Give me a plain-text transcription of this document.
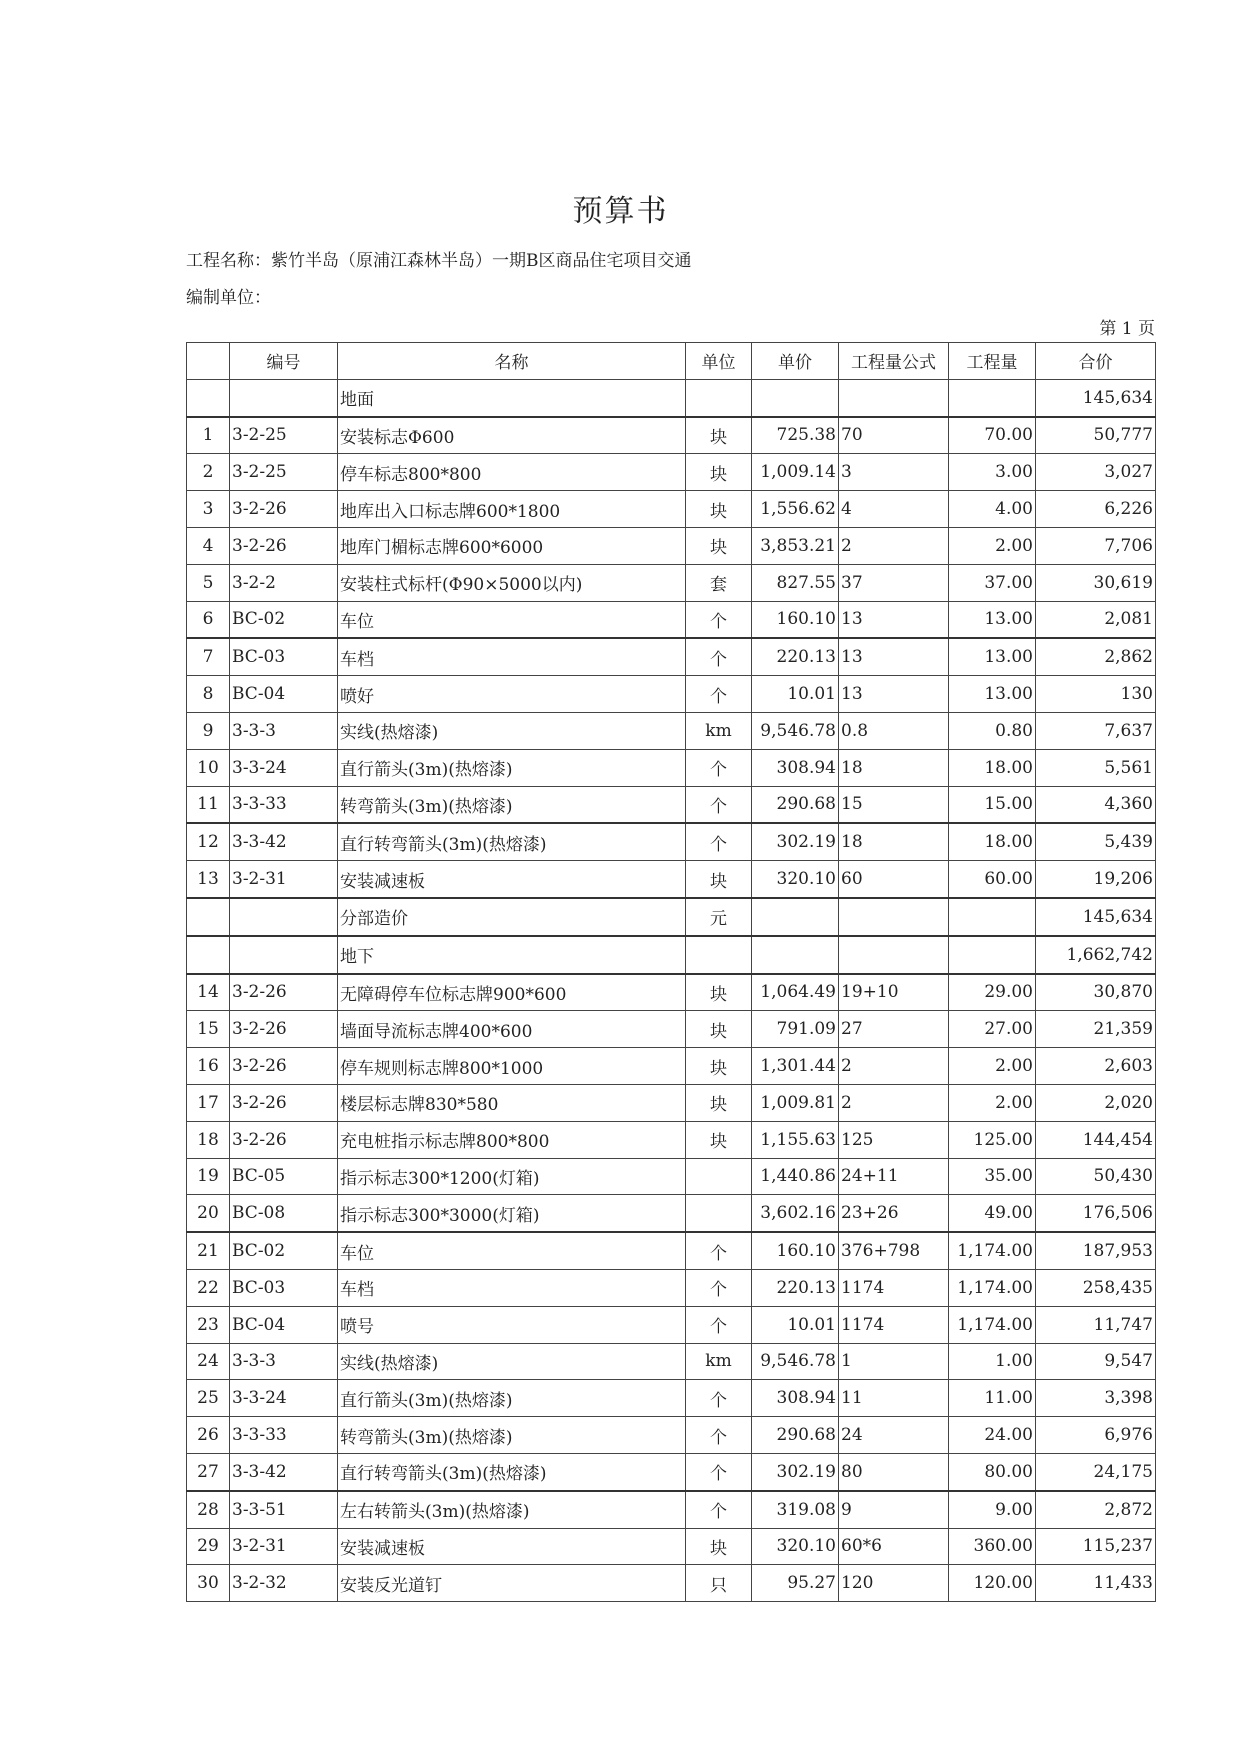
预算书
工程名称：紫竹半岛（原浦江森林半岛）一期B区商品住宅项目交通
编制单位：
第 1 页
	编号	名称	单位	单价	工程量公式	工程量	合价
		地面					145,634
1	3-2-25	安装标志Φ600	块	725.38	70	70.00	50,777
2	3-2-25	停车标志800*800	块	1,009.14	3	3.00	3,027
3	3-2-26	地库出入口标志牌600*1800	块	1,556.62	4	4.00	6,226
4	3-2-26	地库门楣标志牌600*6000	块	3,853.21	2	2.00	7,706
5	3-2-2	安装柱式标杆(Φ90×5000以内)	套	827.55	37	37.00	30,619
6	BC-02	车位	个	160.10	13	13.00	2,081
7	BC-03	车档	个	220.13	13	13.00	2,862
8	BC-04	喷好	个	10.01	13	13.00	130
9	3-3-3	实线(热熔漆)	km	9,546.78	0.8	0.80	7,637
10	3-3-24	直行箭头(3m)(热熔漆)	个	308.94	18	18.00	5,561
11	3-3-33	转弯箭头(3m)(热熔漆)	个	290.68	15	15.00	4,360
12	3-3-42	直行转弯箭头(3m)(热熔漆)	个	302.19	18	18.00	5,439
13	3-2-31	安装减速板	块	320.10	60	60.00	19,206
		分部造价	元				145,634
		地下					1,662,742
14	3-2-26	无障碍停车位标志牌900*600	块	1,064.49	19+10	29.00	30,870
15	3-2-26	墙面导流标志牌400*600	块	791.09	27	27.00	21,359
16	3-2-26	停车规则标志牌800*1000	块	1,301.44	2	2.00	2,603
17	3-2-26	楼层标志牌830*580	块	1,009.81	2	2.00	2,020
18	3-2-26	充电桩指示标志牌800*800	块	1,155.63	125	125.00	144,454
19	BC-05	指示标志300*1200(灯箱)		1,440.86	24+11	35.00	50,430
20	BC-08	指示标志300*3000(灯箱)		3,602.16	23+26	49.00	176,506
21	BC-02	车位	个	160.10	376+798	1,174.00	187,953
22	BC-03	车档	个	220.13	1174	1,174.00	258,435
23	BC-04	喷号	个	10.01	1174	1,174.00	11,747
24	3-3-3	实线(热熔漆)	km	9,546.78	1	1.00	9,547
25	3-3-24	直行箭头(3m)(热熔漆)	个	308.94	11	11.00	3,398
26	3-3-33	转弯箭头(3m)(热熔漆)	个	290.68	24	24.00	6,976
27	3-3-42	直行转弯箭头(3m)(热熔漆)	个	302.19	80	80.00	24,175
28	3-3-51	左右转箭头(3m)(热熔漆)	个	319.08	9	9.00	2,872
29	3-2-31	安装减速板	块	320.10	60*6	360.00	115,237
30	3-2-32	安装反光道钉	只	95.27	120	120.00	11,433
